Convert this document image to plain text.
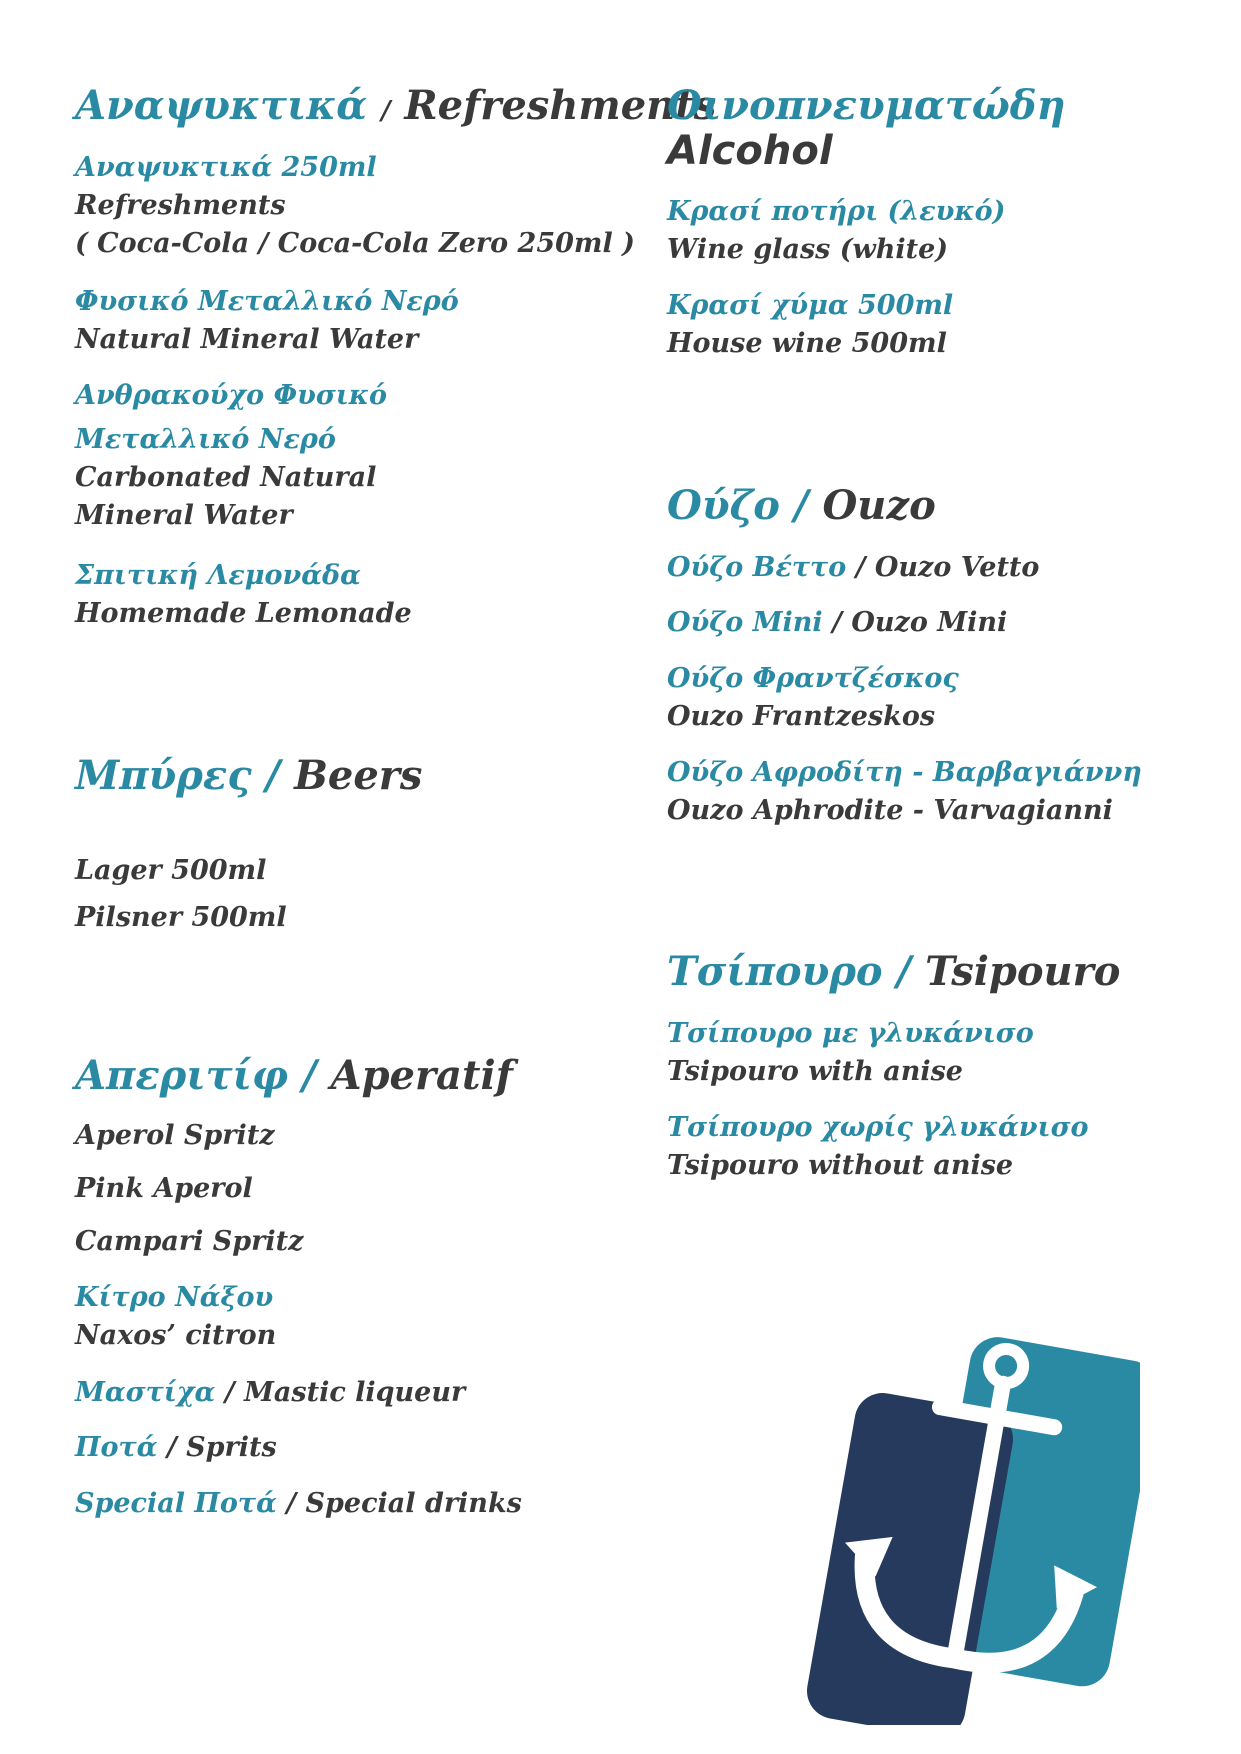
Αναψυκτικά / Refreshments
Αναψυκτικά 250ml
Refreshments
( Coca-Cola / Coca-Cola Zero 250ml )
Φυσικό Μεταλλικό Νερό
Natural Mineral Water
Ανθρακούχο Φυσικό
Μεταλλικό Νερό
Carbonated Natural
Mineral Water
Σπιτική Λεμονάδα
Homemade Lemonade
Μπύρες / Beers
Lager 500ml
Pilsner 500ml
Απεριτίφ / Aperatif
Aperol Spritz
Pink Aperol
Campari Spritz
Κίτρο Νάξου
Naxos’ citron
Μαστίχα / Mastic liqueur
Ποτά / Sprits
Special Ποτά / Special drinks
Οινοπνευματώδη
Alcohol
Κρασί ποτήρι (λευκό)
Wine glass (white)
Κρασί χύμα 500ml
House wine 500ml
Ούζο / Ouzo
Ούζο Βέττο / Ouzo Vetto
Ούζο Mini / Ouzo Mini
Ούζο Φραντζέσκος
Ouzo Frantzeskos
Ούζο Αφροδίτη - Βαρβαγιάννη
Ouzo Aphrodite - Varvagianni
Τσίπουρο / Tsipouro
Τσίπουρο με γλυκάνισο
Tsipouro with anise
Τσίπουρο χωρίς γλυκάνισο
Tsipouro without anise
